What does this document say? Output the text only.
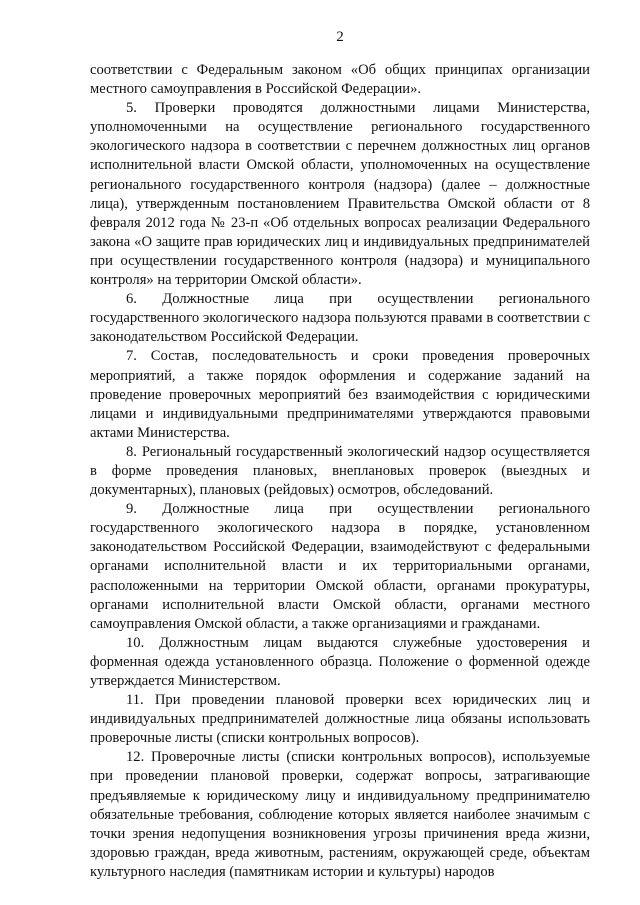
2

соответствии с Федеральным законом «Об общих принципах организации местного самоуправления в Российской Федерации».

5. Проверки проводятся должностными лицами Министерства, уполномоченными на осуществление регионального государственного экологического надзора в соответствии с перечнем должностных лиц органов исполнительной власти Омской области, уполномоченных на осуществление регионального государственного контроля (надзора) (далее – должностные лица), утвержденным постановлением Правительства Омской области от 8 февраля 2012 года № 23-п «Об отдельных вопросах реализации Федерального закона «О защите прав юридических лиц и индивидуальных предпринимателей при осуществлении государственного контроля (надзора) и муниципального контроля» на территории Омской области».

6. Должностные лица при осуществлении регионального государственного экологического надзора пользуются правами в соответствии с законодательством Российской Федерации.

7. Состав, последовательность и сроки проведения проверочных мероприятий, а также порядок оформления и содержание заданий на проведение проверочных мероприятий без взаимодействия с юридическими лицами и индивидуальными предпринимателями утверждаются правовыми актами Министерства.

8. Региональный государственный экологический надзор осуществляется в форме проведения плановых, внеплановых проверок (выездных и документарных), плановых (рейдовых) осмотров, обследований.

9. Должностные лица при осуществлении регионального государственного экологического надзора в порядке, установленном законодательством Российской Федерации, взаимодействуют с федеральными органами исполнительной власти и их территориальными органами, расположенными на территории Омской области, органами прокуратуры, органами исполнительной власти Омской области, органами местного самоуправления Омской области, а также организациями и гражданами.

10. Должностным лицам выдаются служебные удостоверения и форменная одежда установленного образца. Положение о форменной одежде утверждается Министерством.

11. При проведении плановой проверки всех юридических лиц и индивидуальных предпринимателей должностные лица обязаны использовать проверочные листы (списки контрольных вопросов).

12. Проверочные листы (списки контрольных вопросов), используемые при проведении плановой проверки, содержат вопросы, затрагивающие предъявляемые к юридическому лицу и индивидуальному предпринимателю обязательные требования, соблюдение которых является наиболее значимым с точки зрения недопущения возникновения угрозы причинения вреда жизни, здоровью граждан, вреда животным, растениям, окружающей среде, объектам культурного наследия (памятникам истории и культуры) народов
